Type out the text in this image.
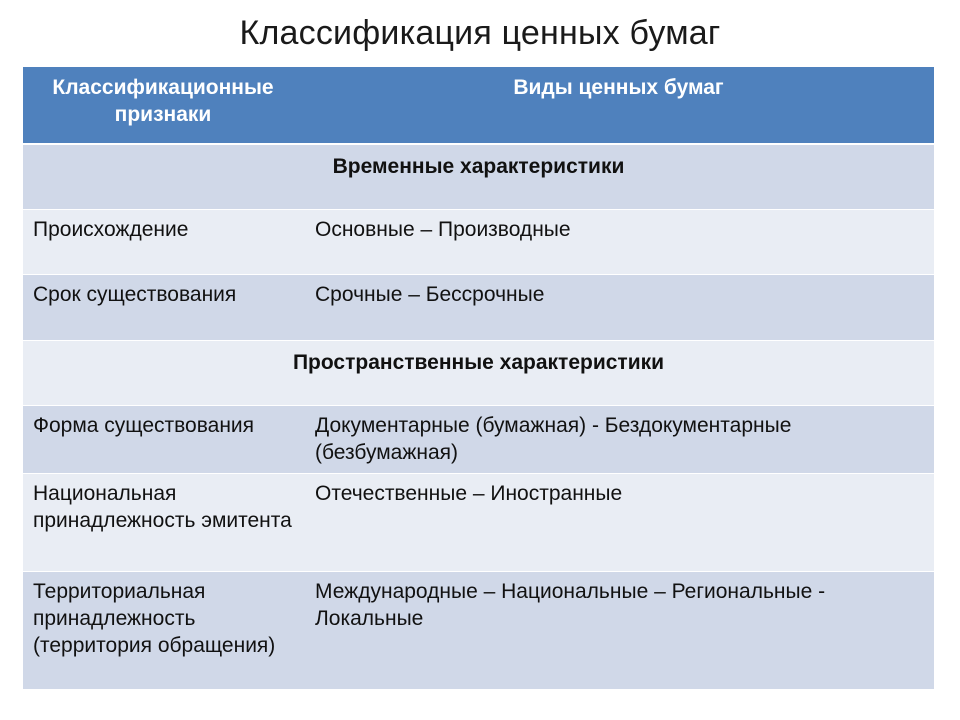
Классификация ценных бумаг
Классификационные признаки	Виды ценных бумаг
Временные характеристики	
Происхождение	Основные – Производные
Срок существования	Срочные – Бессрочные
Пространственные характеристики	
Форма существования	Документарные (бумажная) - Бездокументарные (безбумажная)
Национальная принадлежность эмитента	Отечественные – Иностранные
Территориальная принадлежность (территория обращения)	Международные – Национальные – Региональные - Локальные
